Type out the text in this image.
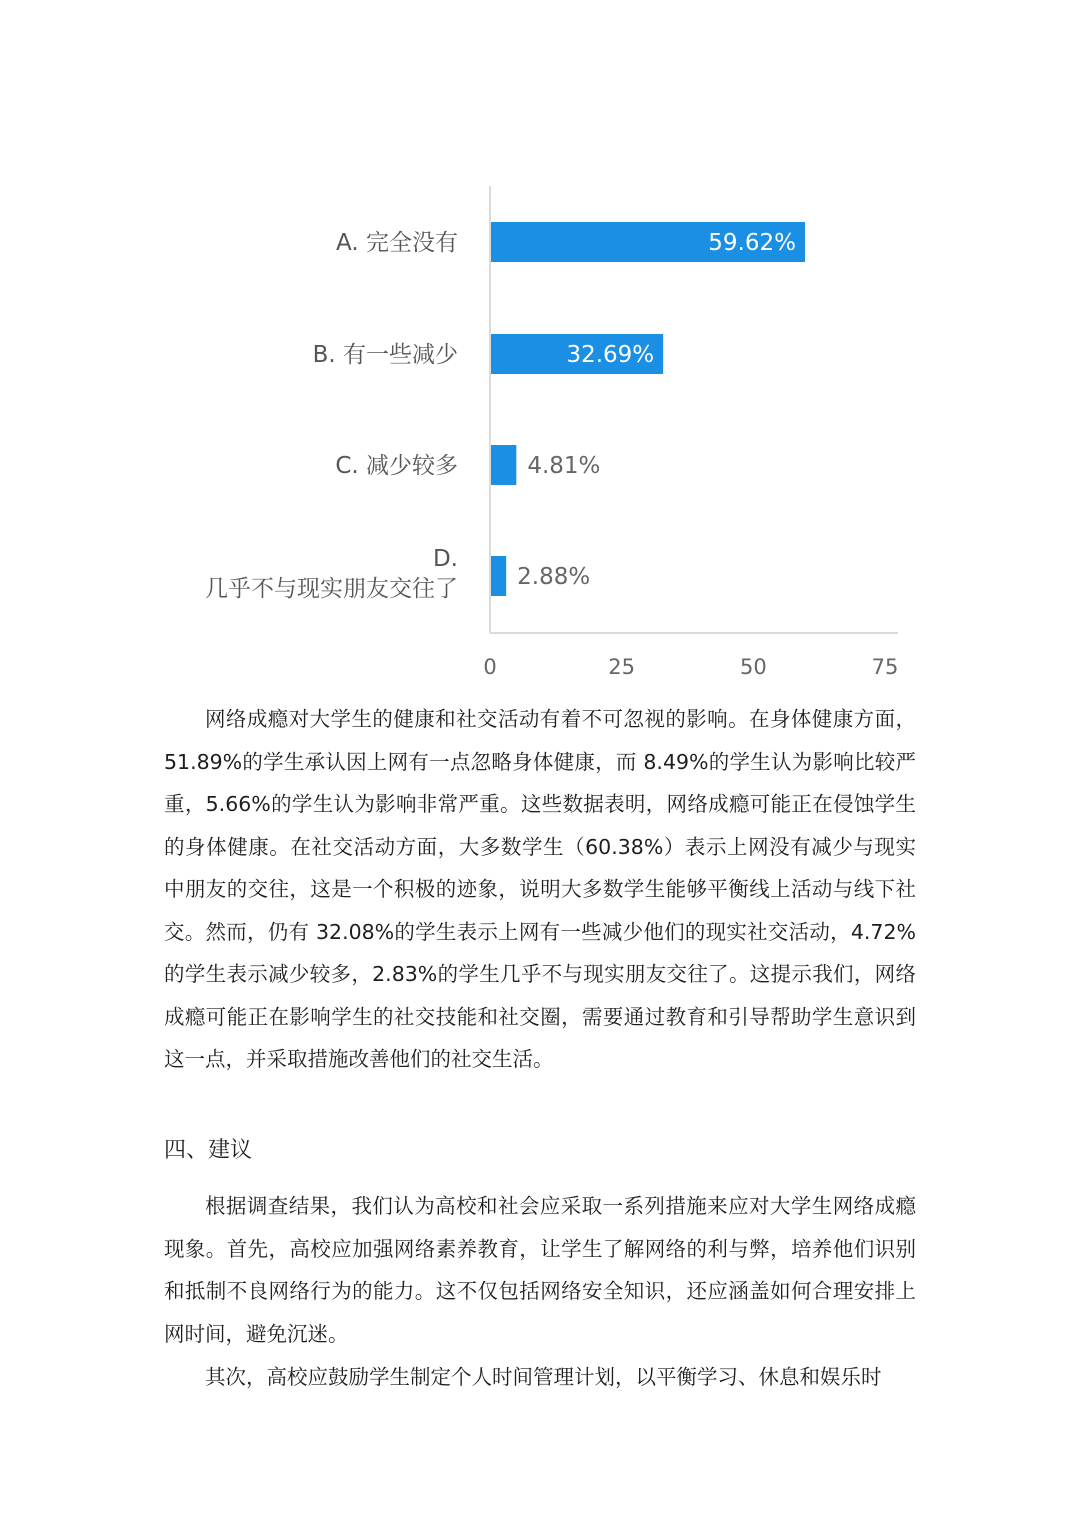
59.62%
A. 完全没有
32.69%
B. 有一些减少
4.81%
C. 减少较多
2.88%
D.几乎不与现实朋友交往了
0	25	50	75

网络成瘾对大学生的健康和社交活动有着不可忽视的影响。在身体健康方面，51.89%的学生承认因上网有一点忽略身体健康，而 8.49%的学生认为影响比较严重，5.66%的学生认为影响非常严重。这些数据表明，网络成瘾可能正在侵蚀学生的身体健康。在社交活动方面，大多数学生（60.38%）表示上网没有减少与现实中朋友的交往，这是一个积极的迹象，说明大多数学生能够平衡线上活动与线下社交。然而，仍有 32.08%的学生表示上网有一些减少他们的现实社交活动，4.72%的学生表示减少较多，2.83%的学生几乎不与现实朋友交往了。这提示我们，网络成瘾可能正在影响学生的社交技能和社交圈，需要通过教育和引导帮助学生意识到这一点，并采取措施改善他们的社交生活。

四、建议

根据调查结果，我们认为高校和社会应采取一系列措施来应对大学生网络成瘾现象。首先，高校应加强网络素养教育，让学生了解网络的利与弊，培养他们识别和抵制不良网络行为的能力。这不仅包括网络安全知识，还应涵盖如何合理安排上网时间，避免沉迷。

其次，高校应鼓励学生制定个人时间管理计划，以平衡学习、休息和娱乐时
